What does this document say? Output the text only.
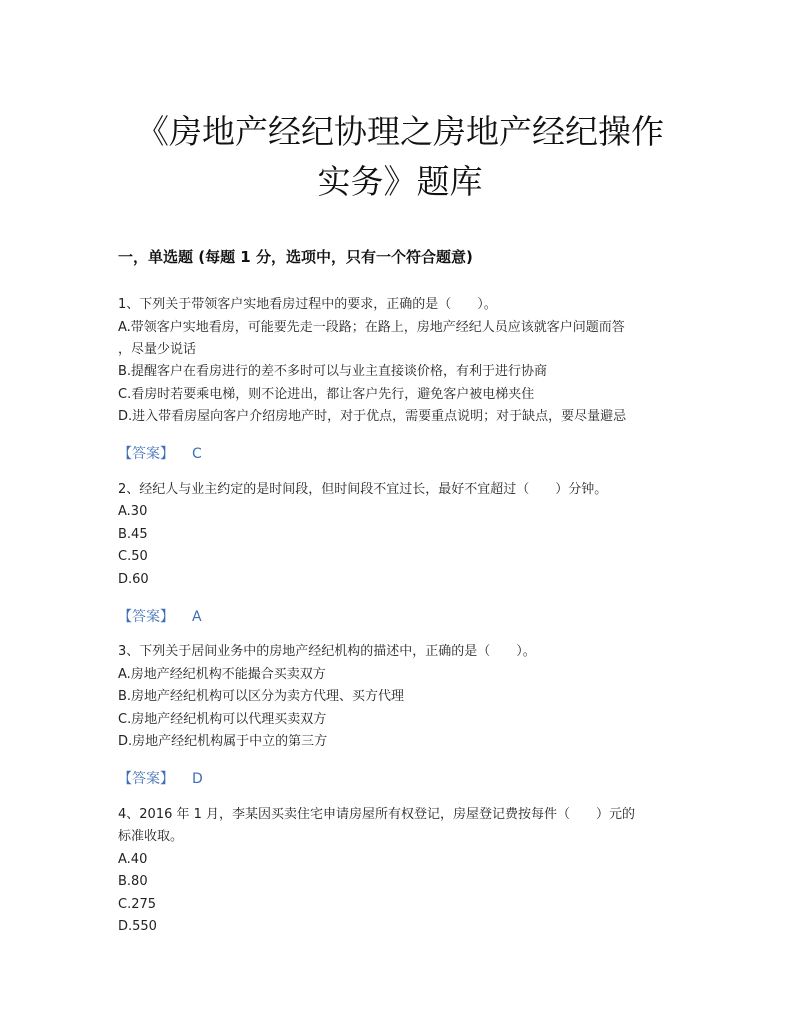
《房地产经纪协理之房地产经纪操作
实务》题库
一，单选题 (每题 1 分，选项中，只有一个符合题意)
1、下列关于带领客户实地看房过程中的要求，正确的是（　　）。
A.带领客户实地看房，可能要先走一段路；在路上，房地产经纪人员应该就客户问题而答
，尽量少说话
B.提醒客户在看房进行的差不多时可以与业主直接谈价格，有利于进行协商
C.看房时若要乘电梯，则不论进出，都让客户先行，避免客户被电梯夹住
D.进入带看房屋向客户介绍房地产时，对于优点，需要重点说明；对于缺点，要尽量避忌
【答案】 C
2、经纪人与业主约定的是时间段，但时间段不宜过长，最好不宜超过（　　）分钟。
A.30
B.45
C.50
D.60
【答案】 A
3、下列关于居间业务中的房地产经纪机构的描述中，正确的是（　　）。
A.房地产经纪机构不能撮合买卖双方
B.房地产经纪机构可以区分为卖方代理、买方代理
C.房地产经纪机构可以代理买卖双方
D.房地产经纪机构属于中立的第三方
【答案】 D
4、2016 年 1 月，李某因买卖住宅申请房屋所有权登记，房屋登记费按每件（　　）元的
标准收取。
A.40
B.80
C.275
D.550
